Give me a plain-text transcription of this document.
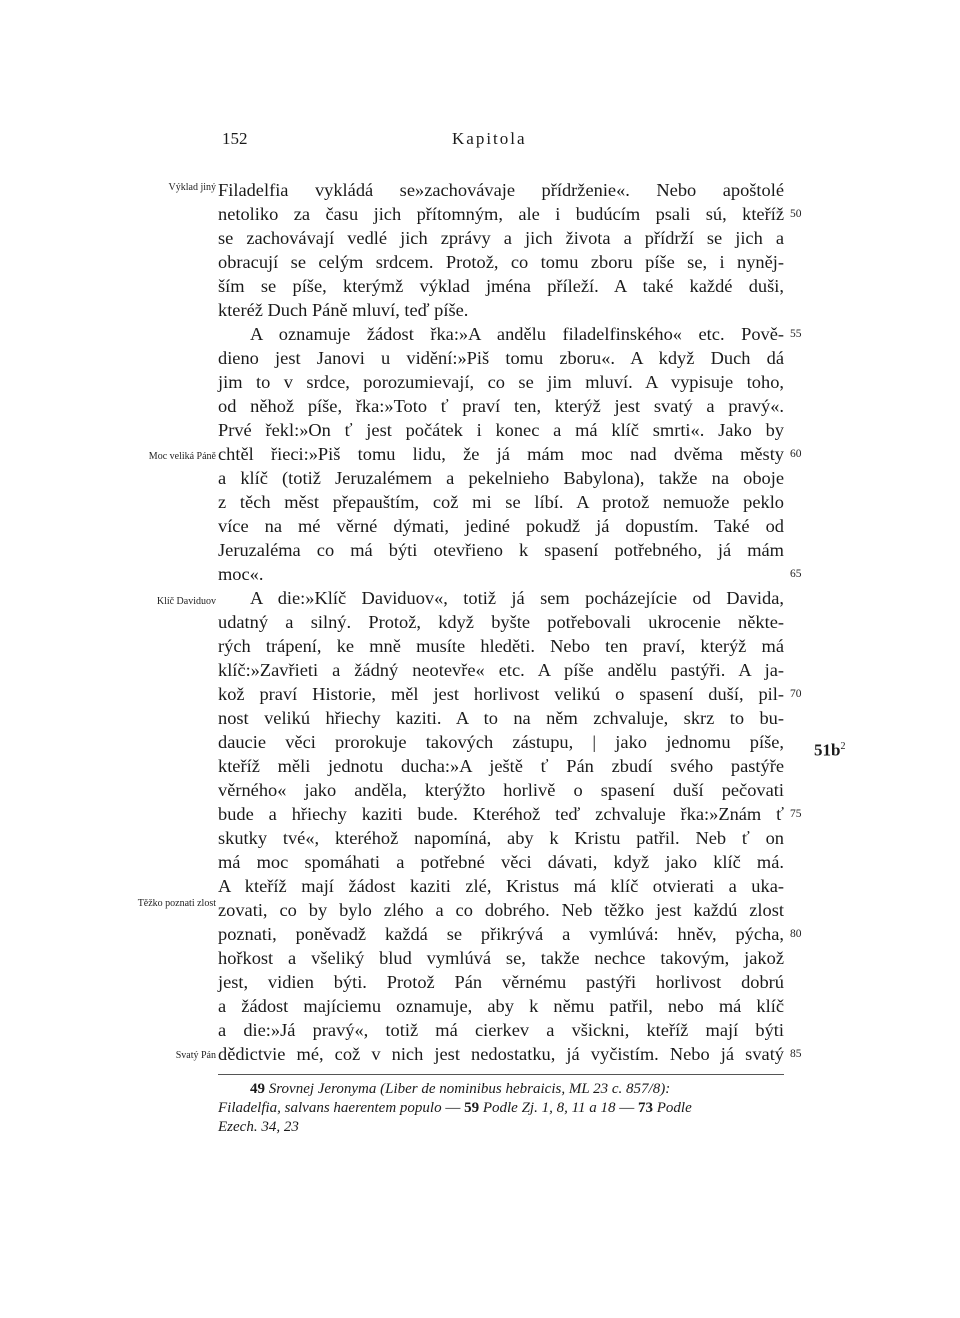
152	Kapitola
Výklad jiný
Moc veliká Páně
Klíč Daviduov
Těžko poznati zlost
Svatý Pán
Filadelfia vykládá se»zachovávaje přídrženie«. Nebo apoštolé
netoliko za času jich přítomným, ale i budúcím psali sú, kteříž
se zachovávají vedlé jich zprávy a jich života a přídrží se jich a
obracují se celým srdcem. Protož, co tomu zboru píše se, i nyněj-
ším se píše, kterýmž výklad jména příleží. A také každé duši,
kteréž Duch Páně mluví, teď píše.
A oznamuje žádost řka:»A andělu filadelfinského« etc. Pově-
dieno jest Janovi u vidění:»Piš tomu zboru«. A když Duch dá
jim to v srdce, porozumievají, co se jim mluví. A vypisuje toho,
od něhož píše, řka:»Toto ť praví ten, kterýž jest svatý a pravý«.
Prvé řekl:»On ť jest počátek i konec a má klíč smrti«. Jako by
chtěl řieci:»Piš tomu lidu, že já mám moc nad dvěma městy
a klíč (totiž Jeruzalémem a pekelnieho Babylona), takže na oboje
z těch měst přepauštím, což mi se líbí. A protož nemuože peklo
více na mé věrné dýmati, jediné pokudž já dopustím. Také od
Jeruzaléma co má býti otevřieno k spasení potřebného, já mám
moc«.
A die:»Klíč Daviduov«, totiž já sem pocházejície od Davida,
udatný a silný. Protož, když byšte potřebovali ukrocenie někte-
rých trápení, ke mně musíte hleděti. Nebo ten praví, kterýž má
klíč:»Zavřieti a žádný neotevře« etc. A píše andělu pastýři. A ja-
kož praví Historie, měl jest horlivost velikú o spasení duší, pil-
nost velikú hřiechy kaziti. A to na něm zchvaluje, skrz to bu-
daucie věci prorokuje takových zástupu, | jako jednomu píše,
kteříž měli jednotu ducha:»A ještě ť Pán zbudí svého pastýře
věrného« jako anděla, kterýžto horlivě o spasení duší pečovati
bude a hřiechy kaziti bude. Kteréhož teď zchvaluje řka:»Znám ť
skutky tvé«, kteréhož napomíná, aby k Kristu patřil. Neb ť on
má moc spomáhati a potřebné věci dávati, když jako klíč má.
A kteříž mají žádost kaziti zlé, Kristus má klíč otvierati a uka-
zovati, co by bylo zlého a co dobrého. Neb těžko jest každú zlost
poznati, poněvadž každá se přikrývá a vymlúvá: hněv, pýcha,
hořkost a všeliký blud vymlúvá se, takže nechce takovým, jakož
jest, vidien býti. Protož Pán věrnému pastýři horlivost dobrú
a žádost majíciemu oznamuje, aby k němu patřil, nebo má klíč
a die:»Já pravý«, totiž má cierkev a všickni, kteříž mají býti
dědictvie mé, což v nich jest nedostatku, já vyčistím. Nebo já svatý
50
55
60
65
70
75
80
85
$51b^2$
49 Srovnej Jeronyma (Liber de nominibus hebraicis, ML 23 c. 857/8):
Filadelfia, salvans haerentem populo — 59 Podle Zj. 1, 8, 11 a 18 — 73 Podle
Ezech. 34, 23
